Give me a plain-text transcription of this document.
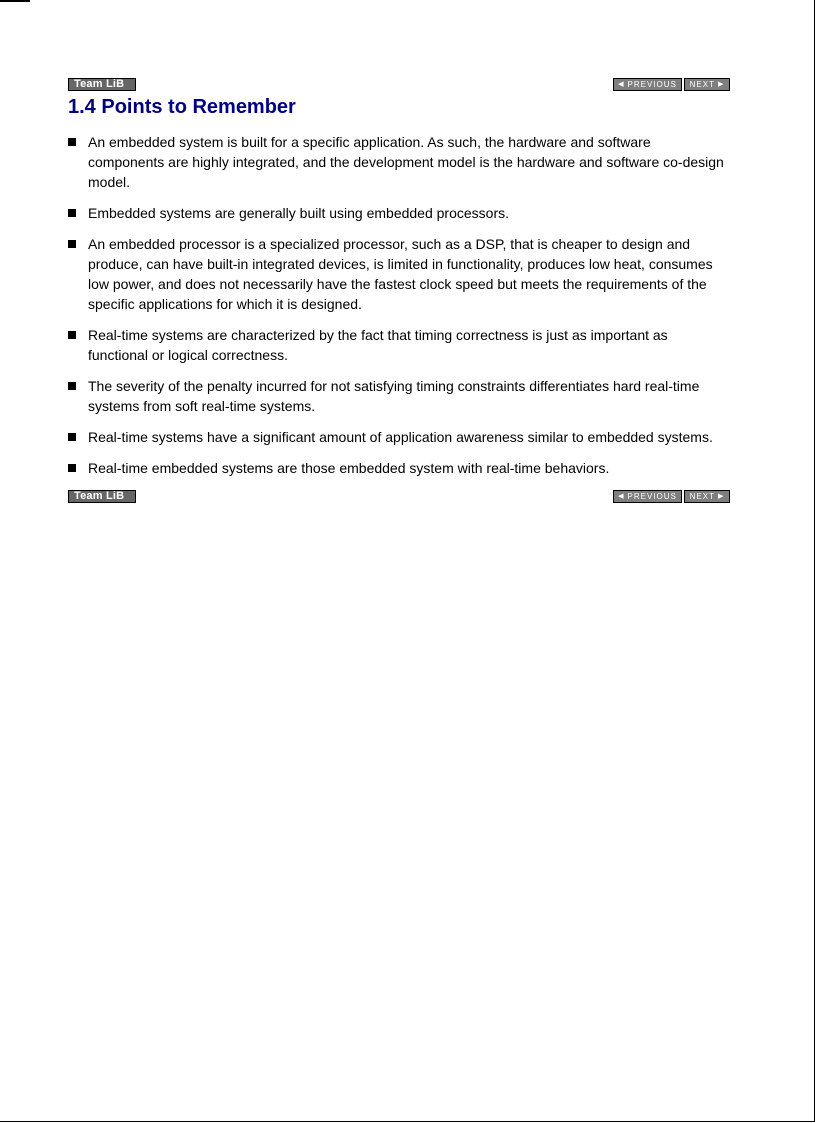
Team LiB	◀ PREVIOUS NEXT ▶
1.4 Points to Remember
An embedded system is built for a specific application. As such, the hardware and software components are highly integrated, and the development model is the hardware and software co-design model.
Embedded systems are generally built using embedded processors.
An embedded processor is a specialized processor, such as a DSP, that is cheaper to design and produce, can have built-in integrated devices, is limited in functionality, produces low heat, consumes low power, and does not necessarily have the fastest clock speed but meets the requirements of the specific applications for which it is designed.
Real-time systems are characterized by the fact that timing correctness is just as important as functional or logical correctness.
The severity of the penalty incurred for not satisfying timing constraints differentiates hard real-time systems from soft real-time systems.
Real-time systems have a significant amount of application awareness similar to embedded systems.
Real-time embedded systems are those embedded system with real-time behaviors.
Team LiB	◀ PREVIOUS NEXT ▶
